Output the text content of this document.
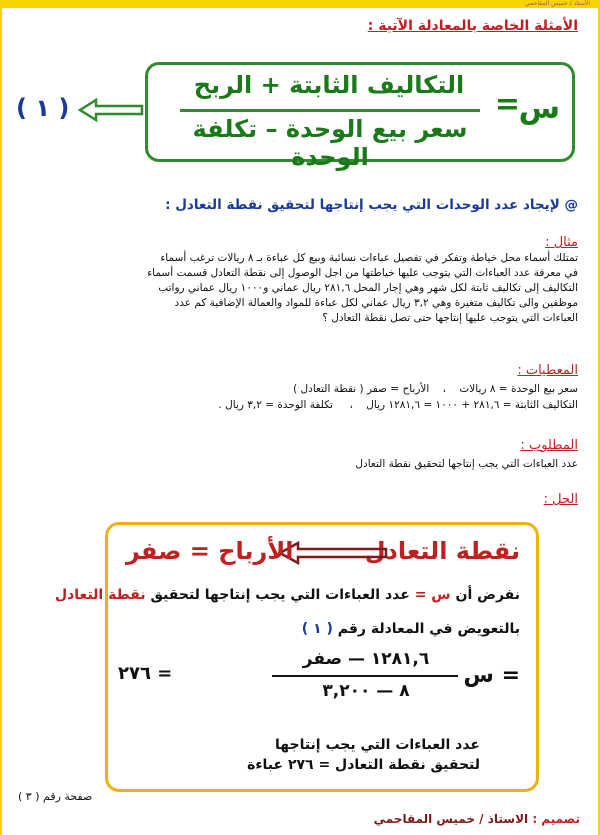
الأستاذ / خميس المقاحمي
الأمثلة الخاصة بالمعادلة الآتية :
س
=
التكاليف الثابتة + الربح
سعر بيع الوحدة – تكلفة الوحدة
( ١ )
@ لإيجاد عدد الوحدات التي يجب إنتاجها لتحقيق نقطة التعادل :
مثال :
تمتلك أسماء محل خياطة وتفكر في تفصيل عباءات نسائية وبيع كل عباءة بـ ٨ ريالات ترغب أسماء
في معرفة عدد العباءات التي يتوجب عليها خياطتها من اجل الوصول إلى نقطة التعادل قسمت أسماء
التكاليف إلى تكاليف ثابتة لكل شهر وهي إجار المحل ٢٨١,٦ ريال عماني و١٠٠٠ ريال عماني رواتب
موظفين والى تكاليف متغيرة وهي ٣,٢ ريال عماني لكل عباءة للمواد والعمالة الإضافية كم عدد
العباءات التي يتوجب عليها إنتاجها حتى تصل نقطة التعادل ؟
المعطيات :
سعر بيع الوحدة = ٨ ريالات    ،    الأرباح = صفر ( نقطة التعادل )
التكاليف الثابتة = ٢٨١,٦ + ١٠٠٠ = ١٢٨١,٦ ريال    ،     تكلفة الوحدة = ٣,٢ ريال .
المطلوب :
عدد العباءات التي يجب إنتاجها لتحقيق نقطة التعادل
الحل :
نقطة التعادل
الأرباح = صفر
نفرض أن س = عدد العباءات التي يجب إنتاجها لتحقيق نقطة التعادل
بالتعويض في المعادلة رقم ( ١ )
س =
١٢٨١,٦ — صفر
٨ — ٣,٢٠٠
= ٢٧٦
عدد العباءات التي يجب إنتاجها
لتحقيق نقطة التعادل = ٢٧٦ عباءة
صفحة رقم ( ٣ )
تصميم : الاستاذ / خميس المقاحمي
